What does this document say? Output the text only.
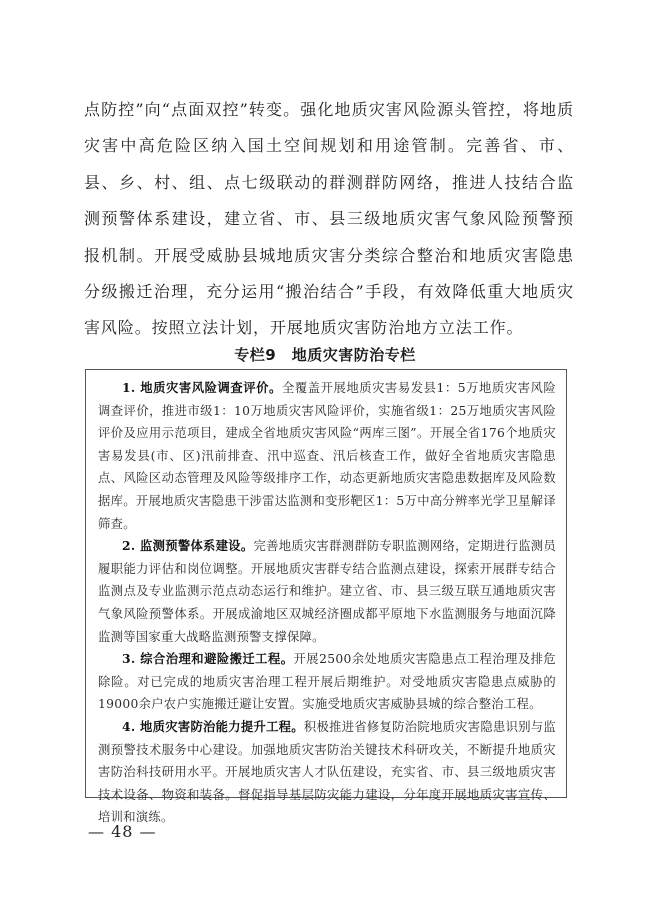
点防控”向“点面双控”转变。强化地质灾害风险源头管控，将地质灾害中高危险区纳入国土空间规划和用途管制。完善省、市、县、乡、村、组、点七级联动的群测群防网络，推进人技结合监测预警体系建设，建立省、市、县三级地质灾害气象风险预警预报机制。开展受威胁县城地质灾害分类综合整治和地质灾害隐患分级搬迁治理，充分运用“搬治结合”手段，有效降低重大地质灾害风险。按照立法计划，开展地质灾害防治地方立法工作。

专栏9　地质灾害防治专栏

1. 地质灾害风险调查评价。全覆盖开展地质灾害易发县1：5万地质灾害风险调查评价，推进市级1：10万地质灾害风险评价，实施省级1：25万地质灾害风险评价及应用示范项目，建成全省地质灾害风险“两库三图”。开展全省176个地质灾害易发县(市、区)汛前排查、汛中巡查、汛后核查工作，做好全省地质灾害隐患点、风险区动态管理及风险等级排序工作，动态更新地质灾害隐患数据库及风险数据库。开展地质灾害隐患干涉雷达监测和变形靶区1：5万中高分辨率光学卫星解译筛查。

2. 监测预警体系建设。完善地质灾害群测群防专职监测网络，定期进行监测员履职能力评估和岗位调整。开展地质灾害群专结合监测点建设，探索开展群专结合监测点及专业监测示范点动态运行和维护。建立省、市、县三级互联互通地质灾害气象风险预警体系。开展成渝地区双城经济圈成都平原地下水监测服务与地面沉降监测等国家重大战略监测预警支撑保障。

3. 综合治理和避险搬迁工程。开展2500余处地质灾害隐患点工程治理及排危除险。对已完成的地质灾害治理工程开展后期维护。对受地质灾害隐患点威胁的19000余户农户实施搬迁避让安置。实施受地质灾害威胁县城的综合整治工程。

4. 地质灾害防治能力提升工程。积极推进省修复防治院地质灾害隐患识别与监测预警技术服务中心建设。加强地质灾害防治关键技术科研攻关，不断提升地质灾害防治科技研用水平。开展地质灾害人才队伍建设，充实省、市、县三级地质灾害技术设备、物资和装备。督促指导基层防灾能力建设，分年度开展地质灾害宣传、培训和演练。

— 48 —
